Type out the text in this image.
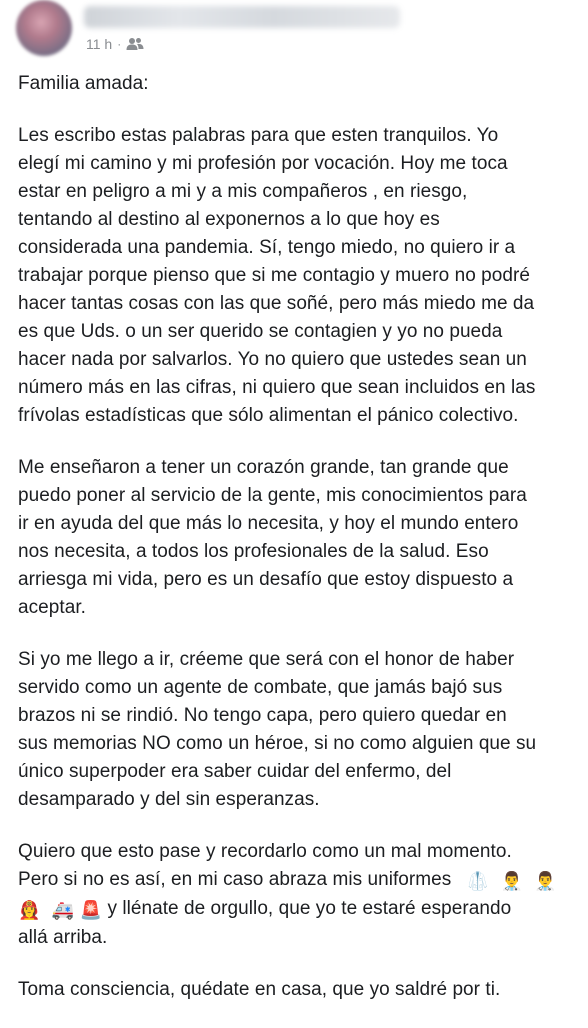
11 h ·
Familia amada:
Les escribo estas palabras para que esten tranquilos. Yo
elegí mi camino y mi profesión por vocación. Hoy me toca
estar en peligro a mi y a mis compañeros , en riesgo,
tentando al destino al exponernos a lo que hoy es
considerada una pandemia. Sí, tengo miedo, no quiero ir a
trabajar porque pienso que si me contagio y muero no podré
hacer tantas cosas con las que soñé, pero más miedo me da
es que Uds. o un ser querido se contagien y yo no pueda
hacer nada por salvarlos. Yo no quiero que ustedes sean un
número más en las cifras, ni quiero que sean incluidos en las
frívolas estadísticas que sólo alimentan el pánico colectivo.
Me enseñaron a tener un corazón grande, tan grande que
puedo poner al servicio de la gente, mis conocimientos para
ir en ayuda del que más lo necesita, y hoy el mundo entero
nos necesita, a todos los profesionales de la salud. Eso
arriesga mi vida, pero es un desafío que estoy dispuesto a
aceptar.
Si yo me llego a ir, créeme que será con el honor de haber
servido como un agente de combate, que jamás bajó sus
brazos ni se rindió. No tengo capa, pero quiero quedar en
sus memorias NO como un héroe, si no como alguien que su
único superpoder era saber cuidar del enfermo, del
desamparado y del sin esperanzas.
Quiero que esto pase y recordarlo como un mal momento.
Pero si no es así, en mi caso abraza mis uniformes 🥼 👨‍⚕️ 👨‍⚕️
👩‍🚒 🚑 🚨 y llénate de orgullo, que yo te estaré esperando
allá arriba.
Toma consciencia, quédate en casa, que yo saldré por ti.
